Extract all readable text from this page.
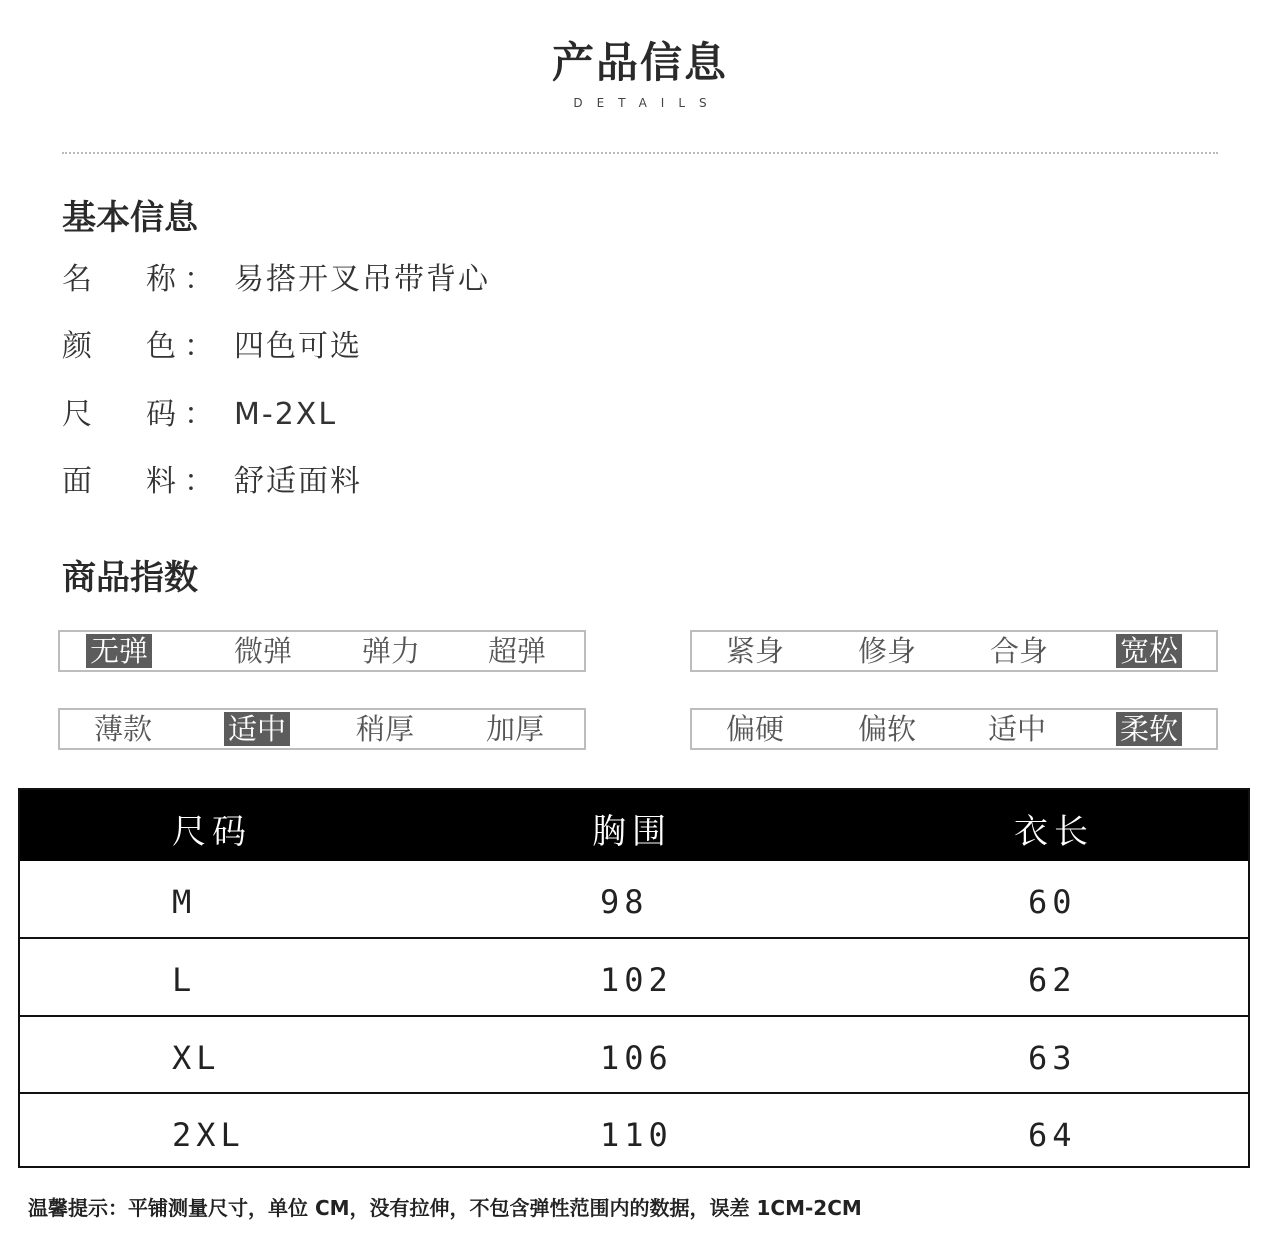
产品信息
DETAILS
基本信息
名	称 ： 易搭开叉吊带背心
颜	色 ： 四色可选
尺	码 ： M-2XL
面	料 ： 舒适面料
商品指数
无弹	微弹 弹力 超弹	紧身	修身	合身 宽松
薄款	适中 稍厚 加厚	偏硬	偏软 适中	柔软
尺码	胸围	衣长
M	98	60
L	102	62
XL	106	63
2XL	110	64
温馨提示：平铺测量尺寸，单位 CM，没有拉伸，不包含弹性范围内的数据，误差 1CM-2CM
